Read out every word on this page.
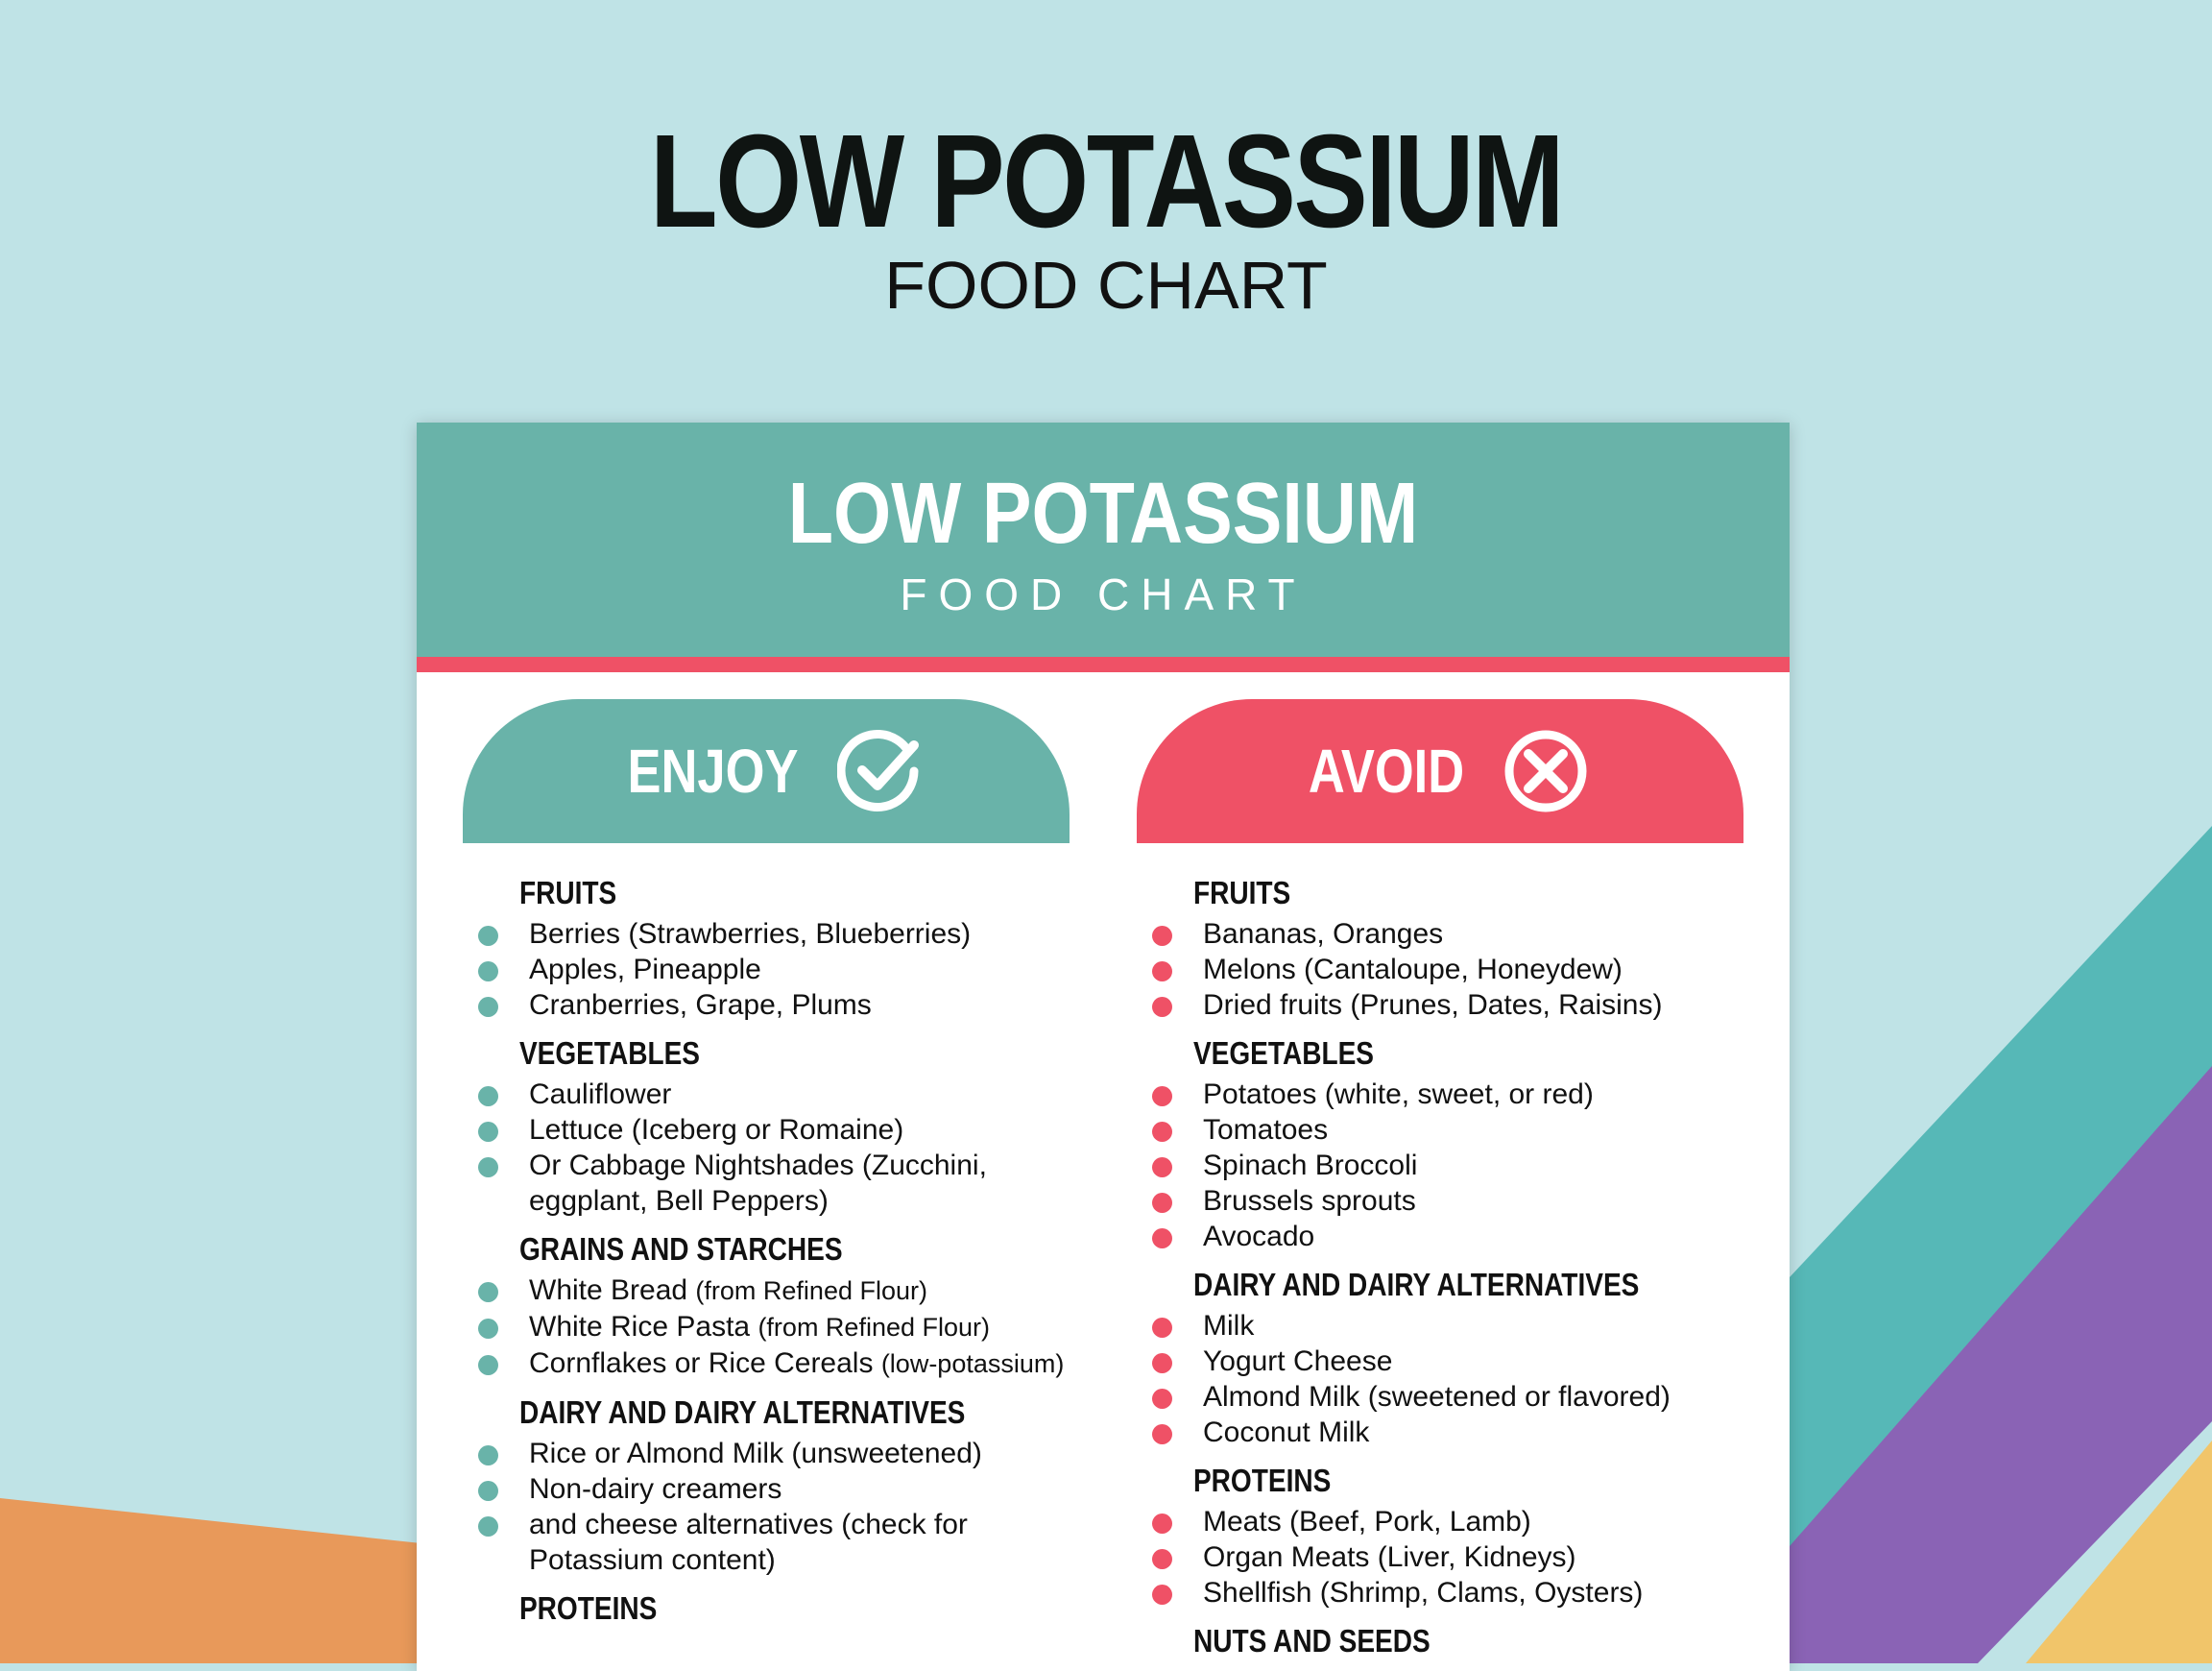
LOW POTASSIUM
FOOD CHART
LOW POTASSIUM
FOOD CHART
ENJOY	AVOID
FRUITS
Berries (Strawberries, Blueberries)
Apples, Pineapple
Cranberries, Grape, Plums
VEGETABLES
Cauliflower
Lettuce (Iceberg or Romaine)
Or Cabbage Nightshades (Zucchini, eggplant, Bell Peppers)
GRAINS AND STARCHES
White Bread (from Refined Flour)
White Rice Pasta (from Refined Flour)
Cornflakes or Rice Cereals (low-potassium)
DAIRY AND DAIRY ALTERNATIVES
Rice or Almond Milk (unsweetened)
Non-dairy creamers
and cheese alternatives (check for Potassium content)
PROTEINS
FRUITS
Bananas, Oranges
Melons (Cantaloupe, Honeydew)
Dried fruits (Prunes, Dates, Raisins)
VEGETABLES
Potatoes (white, sweet, or red)
Tomatoes
Spinach Broccoli
Brussels sprouts
Avocado
DAIRY AND DAIRY ALTERNATIVES
Milk
Yogurt Cheese
Almond Milk (sweetened or flavored)
Coconut Milk
PROTEINS
Meats (Beef, Pork, Lamb)
Organ Meats (Liver, Kidneys)
Shellfish (Shrimp, Clams, Oysters)
NUTS AND SEEDS
